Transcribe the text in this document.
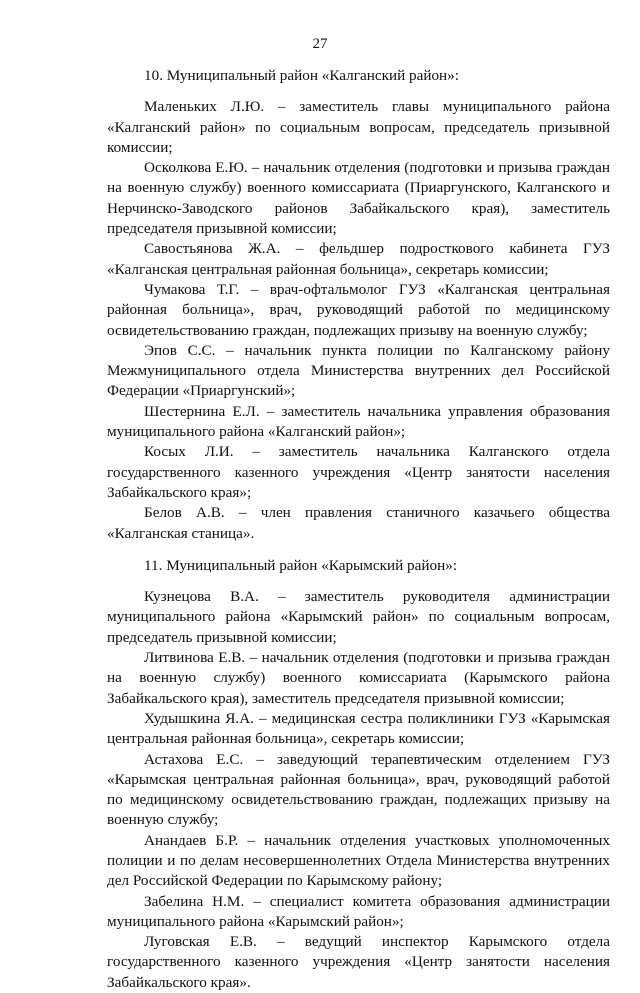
27

10. Муниципальный район «Калганский район»:

Маленьких Л.Ю. – заместитель главы муниципального района «Калганский район» по социальным вопросам, председатель призывной комиссии;

Осколкова Е.Ю. – начальник отделения (подготовки и призыва граждан на военную службу) военного комиссариата (Приаргунского, Калганского и Нерчинско-Заводского районов Забайкальского края), заместитель председателя призывной комиссии;

Савостьянова Ж.А. – фельдшер подросткового кабинета ГУЗ «Калганская центральная районная больница», секретарь комиссии;

Чумакова Т.Г. – врач-офтальмолог ГУЗ «Калганская центральная районная больница», врач, руководящий работой по медицинскому освидетельствованию граждан, подлежащих призыву на военную службу;

Эпов С.С. – начальник пункта полиции по Калганскому району Межмуниципального отдела Министерства внутренних дел Российской Федерации «Приаргунский»;

Шестернина Е.Л. – заместитель начальника управления образования муниципального района «Калганский район»;

Косых Л.И. – заместитель начальника Калганского отдела государственного казенного учреждения «Центр занятости населения Забайкальского края»;

Белов А.В. – член правления станичного казачьего общества «Калганская станица».

11. Муниципальный район «Карымский район»:

Кузнецова В.А. – заместитель руководителя администрации муниципального района «Карымский район» по социальным вопросам, председатель призывной комиссии;

Литвинова Е.В. – начальник отделения (подготовки и призыва граждан на военную службу) военного комиссариата (Карымского района Забайкальского края), заместитель председателя призывной комиссии;

Худышкина Я.А. – медицинская сестра поликлиники ГУЗ «Карымская центральная районная больница», секретарь комиссии;

Астахова Е.С. – заведующий терапевтическим отделением ГУЗ «Карымская центральная районная больница», врач, руководящий работой по медицинскому освидетельствованию граждан, подлежащих призыву на военную службу;

Анандаев Б.Р. – начальник отделения участковых уполномоченных полиции и по делам несовершеннолетних Отдела Министерства внутренних дел Российской Федерации по Карымскому району;

Забелина Н.М. – специалист комитета образования администрации муниципального района «Карымский район»;

Луговская Е.В. – ведущий инспектор Карымского отдела государственного казенного учреждения «Центр занятости населения Забайкальского края».
